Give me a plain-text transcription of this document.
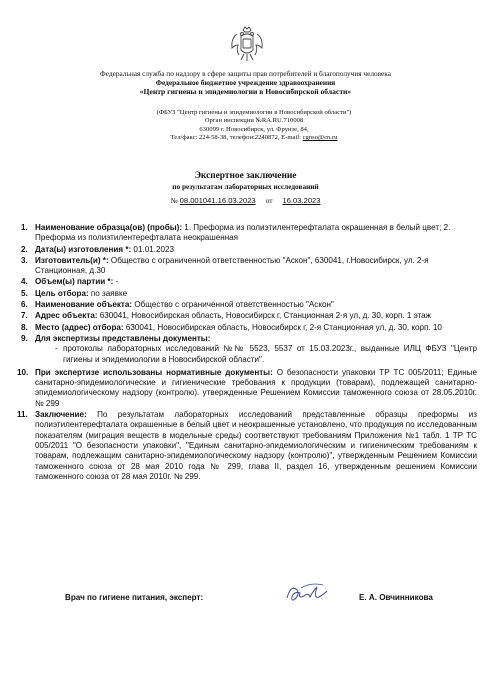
Федеральная служба по надзору в сфере защиты прав потребителей и благополучия человека
Федеральное бюджетное учреждение здравоохранения
«Центр гигиены и эпидемиологии в Новосибирской области»
(ФБУЗ "Центр гигиены и эпидемиологии в Новосибирской области")
Орган инспекции №RA.RU.710008
630099 г. Новосибирск, ул. Фрунзе, 84,
Тел/факс: 224-58-38, телефон:2240872, E-mail: cgnso@cn.ru
Экспертное заключение
по результатам лабораторных исследований
№ 08.001041.16.03.2023 от 16.03.2023
1. Наименование образца(ов) (пробы): 1. Преформа из полиэтилентерефталата окрашенная в белый цвет; 2. Преформа из полиэтилентерефталата неокрашенная
2. Дата(ы) изготовления *: 01.01.2023
3. Изготовитель(и) *: Общество с ограниченной ответственностью "Аскон", 630041, г.Новосибирск, ул. 2-я Станционная, д.30
4. Объем(ы) партии *: -
5. Цель отбора: по заявке
6. Наименование объекта: Общество с ограниченной ответственностью "Аскон"
7. Адрес объекта: 630041, Новосибирская область, Новосибирск г, Станционная 2-я ул, д. 30, корп. 1 этаж
8. Место (адрес) отбора: 630041, Новосибирская область, Новосибирск г, 2-я Станционная ул, д. 30, корп. 10
9. Для экспертизы представлены документы:
- протоколы лабораторных исследований №№ 5523, 5537 от 15.03.2023г., выданные ИЛЦ ФБУЗ "Центр гигиены и эпидемиологии в Новосибирской области".
10. При экспертизе использованы нормативные документы: О безопасности упаковки ТР ТС 005/2011; Единые санитарно-эпидемиологические и гигиенические требования к продукции (товарам), подлежащей санитарно-эпидемиологическому надзору (контролю). утвержденные Решением Комиссии таможенного союза от 28.05.2010г. № 299
11. Заключение: По результатам лабораторных исследований представленные образцы преформы из полиэтилентерефталата окрашенные в белый цвет и неокрашенные установлено, что продукция по исследованным показателям (миграция веществ в модельные среды) соответствуют требованиям Приложения №1 табл. 1 ТР ТС 005/2011 "О безопасности упаковки", "Единым санитарно-эпидемиологическим и гигиеническим требованиям к товарам, подлежащим санитарно-эпидемиологическому надзору (контролю)", утвержденным Решением Комиссии таможенного союза от 28 мая 2010 года № 299, глава II, раздел 16, утвержденным решением Комиссии таможенного союза от 28 мая 2010г. № 299.
Врач по гигиене питания, эксперт:	Е. А. Овчинникова
